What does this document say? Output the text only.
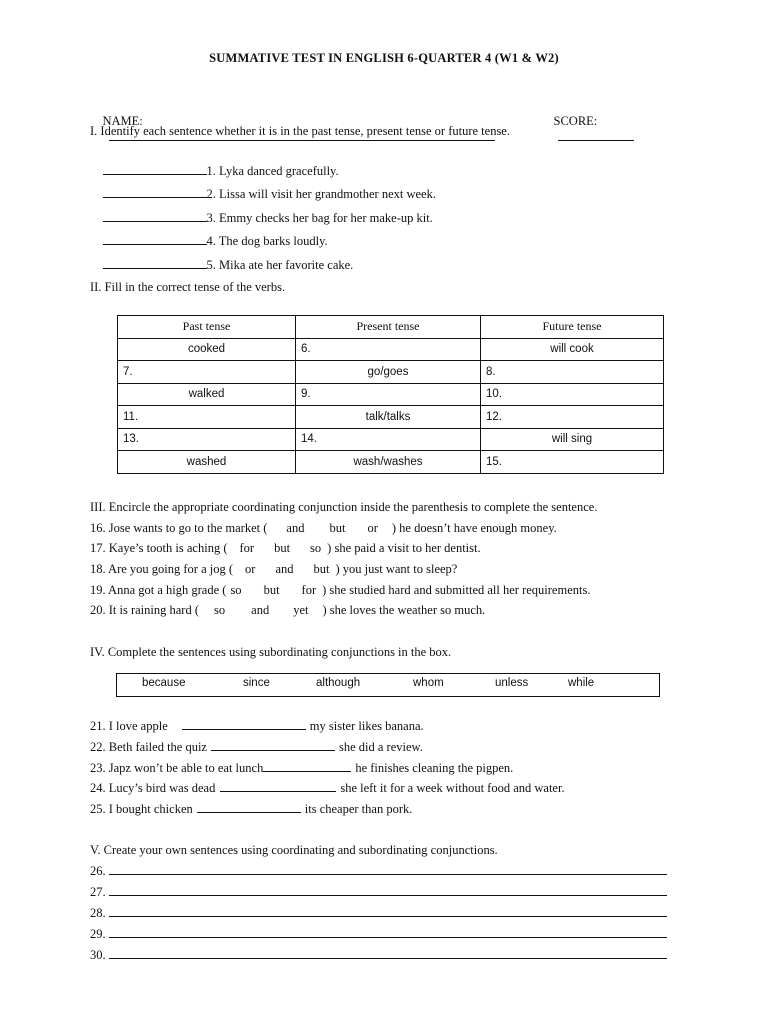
SUMMATIVE TEST IN ENGLISH 6-QUARTER 4 (W1 & W2)

NAME:

	SCORE:

I. Identify each sentence whether it is in the past tense, present tense or future tense.

1. Lyka danced gracefully.

2. Lissa will visit her grandmother next week.

3. Emmy checks her bag for her make-up kit.

4. The dog barks loudly.

5. Mika ate her favorite cake.

II. Fill in the correct tense of the verbs.
Past tense	Present tense	Future tense
cooked	6.	will cook
7.	go/goes	8.
walked	9.	10.
11.	talk/talks	12.
13.	14.	will sing
washed	wash/washes	15.
III. Encircle the appropriate coordinating conjunction inside the parenthesis to complete the sentence.
16. Jose wants to go to the market ( and but or ) he doesn’t have enough money.
17. Kaye’s tooth is aching ( for but so ) she paid a visit to her dentist.
18. Are you going for a jog ( or and but ) you just want to sleep?
19. Anna got a high grade ( so but for ) she studied hard and submitted all her requirements.
20. It is raining hard ( so and yet ) she loves the weather so much.
IV. Complete the sentences using subordinating conjunctions in the box.
because	since	although	whom	unless	while
21. I love apple	my sister likes banana.
22. Beth failed the quiz	she did a review.
23. Japz won’t be able to eat lunch	he finishes cleaning the pigpen.
24. Lucy’s bird was dead	she left it for a week without food and water.
25. I bought chicken	its cheaper than pork.
V. Create your own sentences using coordinating and subordinating conjunctions.
26.
27.
28.
29.
30.
